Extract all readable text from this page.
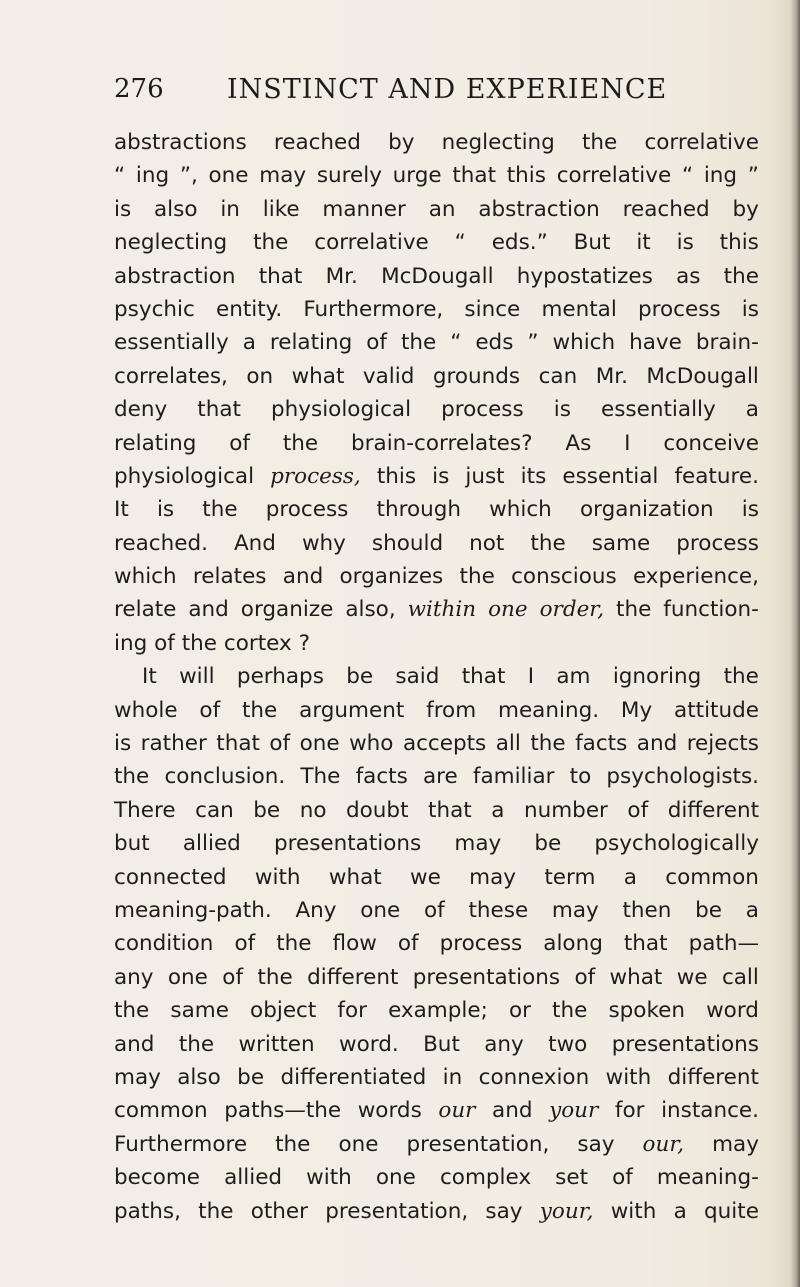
276 INSTINCT AND EXPERIENCE
abstractions reached by neglecting the correlative
“ ing ”, one may surely urge that this correlative “ ing ”
is also in like manner an abstraction reached by
neglecting the correlative “ eds.” But it is this
abstraction that Mr. McDougall hypostatizes as the
psychic entity. Furthermore, since mental process is
essentially a relating of the “ eds ” which have brain-
correlates, on what valid grounds can Mr. McDougall
deny that physiological process is essentially a
relating of the brain-correlates? As I conceive
physiological process, this is just its essential feature.
It is the process through which organization is
reached. And why should not the same process
which relates and organizes the conscious experience,
relate and organize also, within one order, the function-
ing of the cortex ?
It will perhaps be said that I am ignoring the
whole of the argument from meaning. My attitude
is rather that of one who accepts all the facts and rejects
the conclusion. The facts are familiar to psychologists.
There can be no doubt that a number of different
but allied presentations may be psychologically
connected with what we may term a common
meaning-path. Any one of these may then be a
condition of the flow of process along that path—
any one of the different presentations of what we call
the same object for example; or the spoken word
and the written word. But any two presentations
may also be differentiated in connexion with different
common paths—the words our and your for instance.
Furthermore the one presentation, say our, may
become allied with one complex set of meaning-
paths, the other presentation, say your, with a quite
